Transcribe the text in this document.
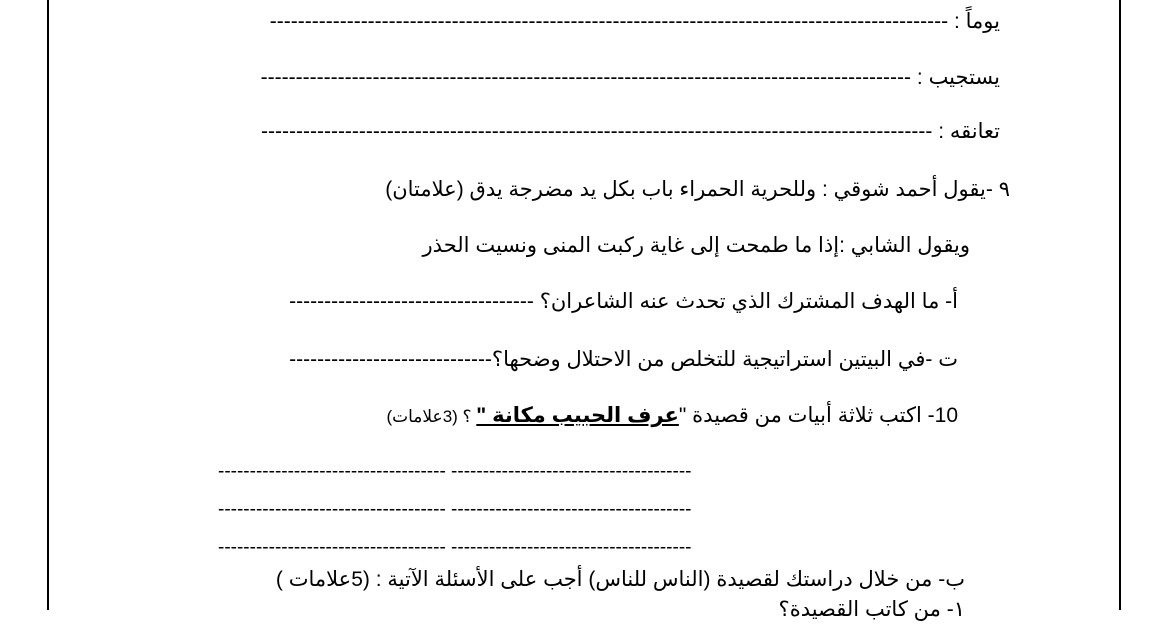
يوماً : -------------------------------------------------------------------------------------------------
يستجيب : ---------------------------------------------------------------------------------------------
تعانقه : ------------------------------------------------------------------------------------------------
٩ -يقول أحمد شوقي : وللحرية الحمراء باب بكل يد مضرجة يدق (علامتان)
ويقول الشابي :إذا ما طمحت إلى غاية ركبت المنى ونسيت الحذر
أ- ما الهدف المشترك الذي تحدث عنه الشاعران؟ -----------------------------------
ت -في البيتين استراتيجية للتخلص من الاحتلال وضحها؟-----------------------------
10- اكتب ثلاثة أبيات من قصيدة "عرف الحبيب مكانة " ؟ (3علامات)
------------------------------------ --------------------------------------
------------------------------------ --------------------------------------
------------------------------------ --------------------------------------
ب- من خلال دراستك لقصيدة (الناس للناس) أجب على الأسئلة الآتية : (5علامات )
١- من كاتب القصيدة؟
